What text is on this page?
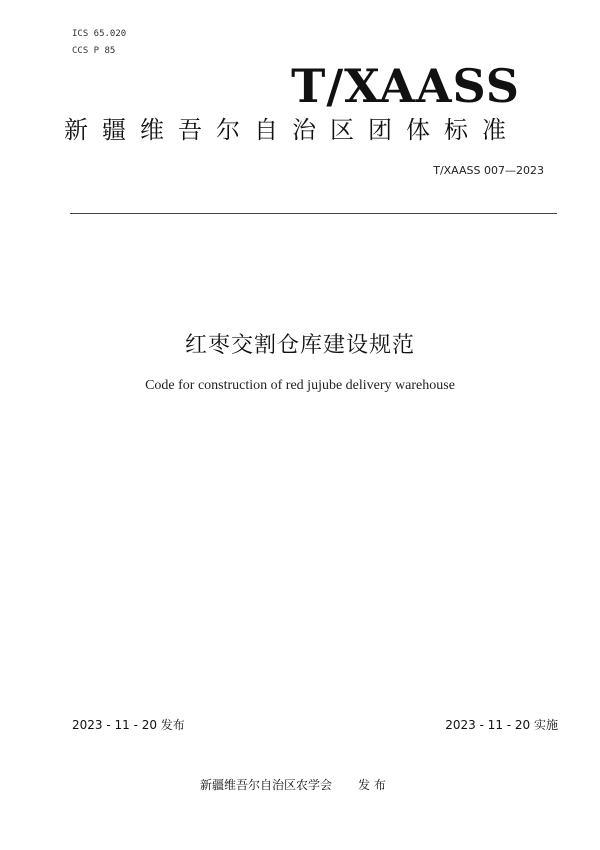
ICS 65.020
CCS P 85
T/XAASS
新疆维吾尔自治区团体标准
T/XAASS 007—2023
红枣交割仓库建设规范
Code for construction of red jujube delivery warehouse
2023 - 11 - 20 发布	2023 - 11 - 20 实施
新疆维吾尔自治区农学会 发 布
